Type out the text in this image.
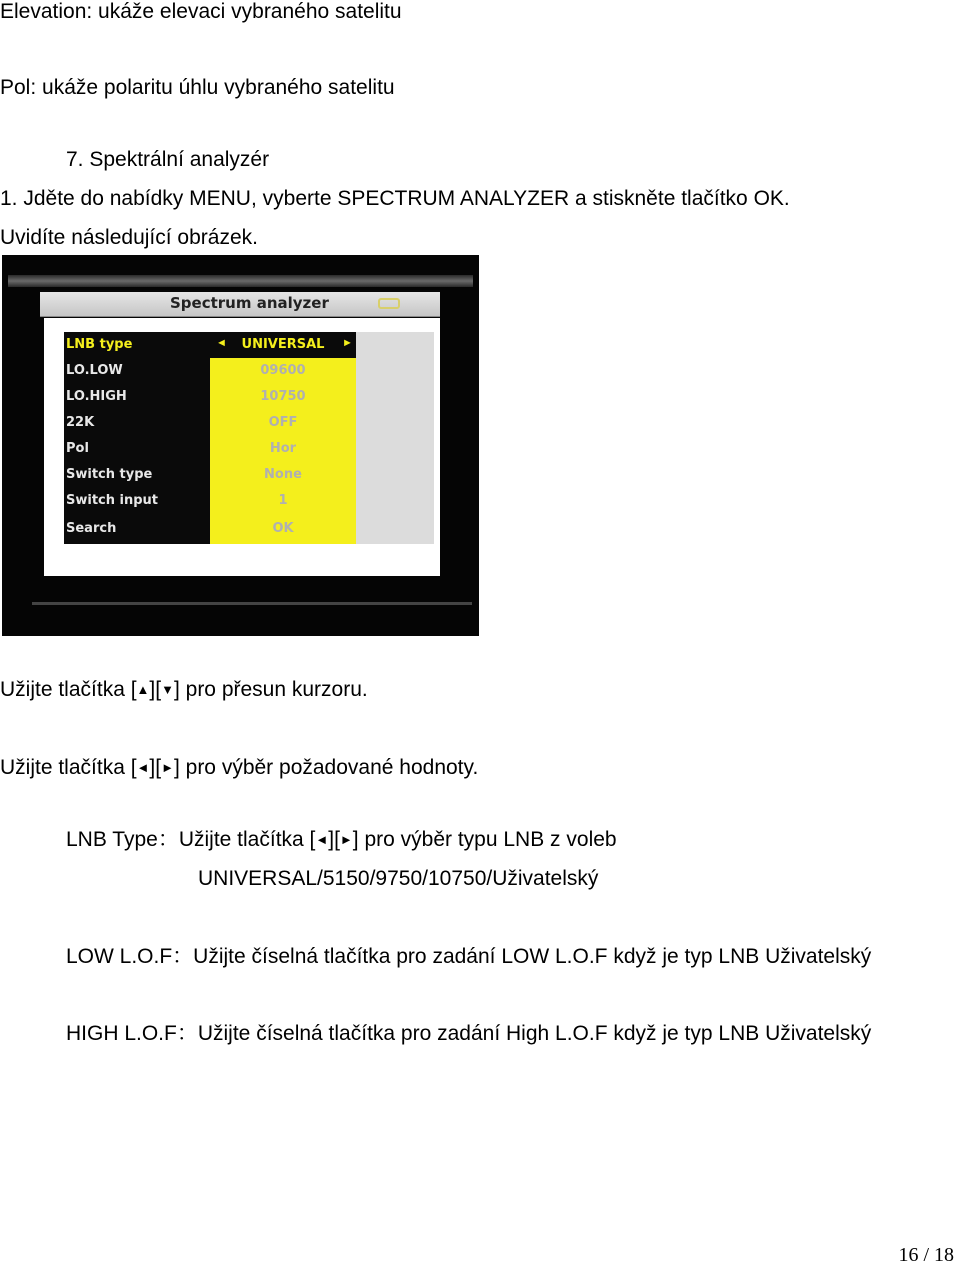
Elevation: ukáže elevaci vybraného satelitu
Pol: ukáže polaritu úhlu vybraného satelitu
7. Spektrální analyzér
1. Jděte do nabídky MENU, vyberte SPECTRUM ANALYZER a stiskněte tlačítko OK.
Uvidíte následující obrázek.
Spectrum analyzer
LNB type	◄	UNIVERSAL	►
LO.LOW	09600
LO.HIGH	10750
22K	OFF
Pol	Hor
Switch type	None
Switch input	1
Search	OK
Užijte tlačítka [▲][▼] pro přesun kurzoru.
Užijte tlačítka [◄][►] pro výběr požadované hodnoty.
LNB Type：Užijte tlačítka [◄][►] pro výběr typu LNB z voleb
UNIVERSAL/5150/9750/10750/Uživatelský
LOW L.O.F：Užijte číselná tlačítka pro zadání LOW L.O.F když je typ LNB Uživatelský
HIGH L.O.F：Užijte číselná tlačítka pro zadání High L.O.F když je typ LNB Uživatelský
16 / 18
